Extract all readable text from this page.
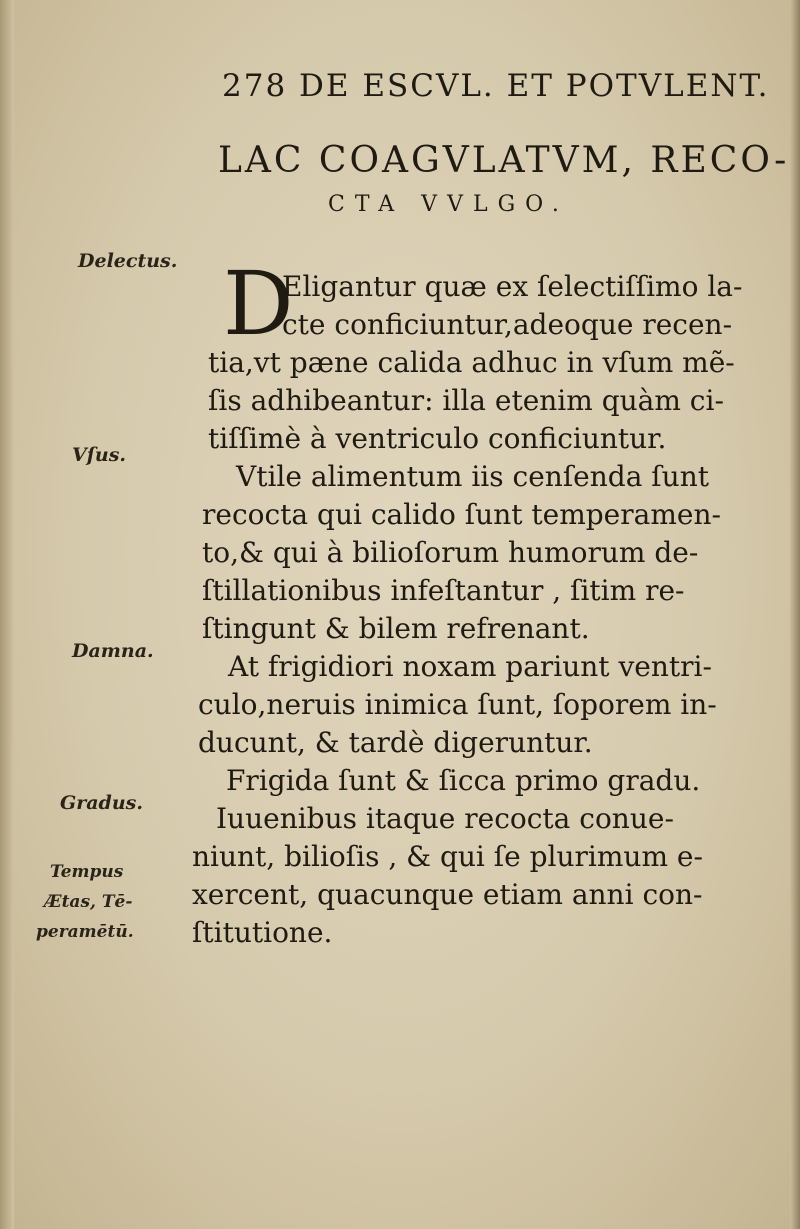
278 DE ESCVL. ET POTVLENT.
LAC COAGVLATVM, RECO-
CTA VVLGO.
D
Eligantur quæ ex ſelectiſſimo la-
cte conficiuntur,adeoque recen-
tia,vt pæne calida adhuc in vſum mẽ-
ſis adhibeantur: illa etenim quàm ci-
tiſſimè à ventriculo conficiuntur.
Vtile alimentum iis cenſenda ſunt
recocta qui calido ſunt temperamen-
to,& qui à bilioſorum humorum de-
ſtillationibus infeſtantur , ſitim re-
ſtingunt & bilem refrenant.
At frigidiori noxam pariunt ventri-
culo,neruis inimica ſunt, ſoporem in-
ducunt, & tardè digeruntur.
Frigida ſunt & ſicca primo gradu.
Iuuenibus itaque recocta conue-
niunt, bilioſis , & qui ſe plurimum e-
xercent, quacunque etiam anni con-
ſtitutione.
Delectus.
Vſus.
Damna.
Gradus.
Tempus
Ætas, Tē-
peramētū.
